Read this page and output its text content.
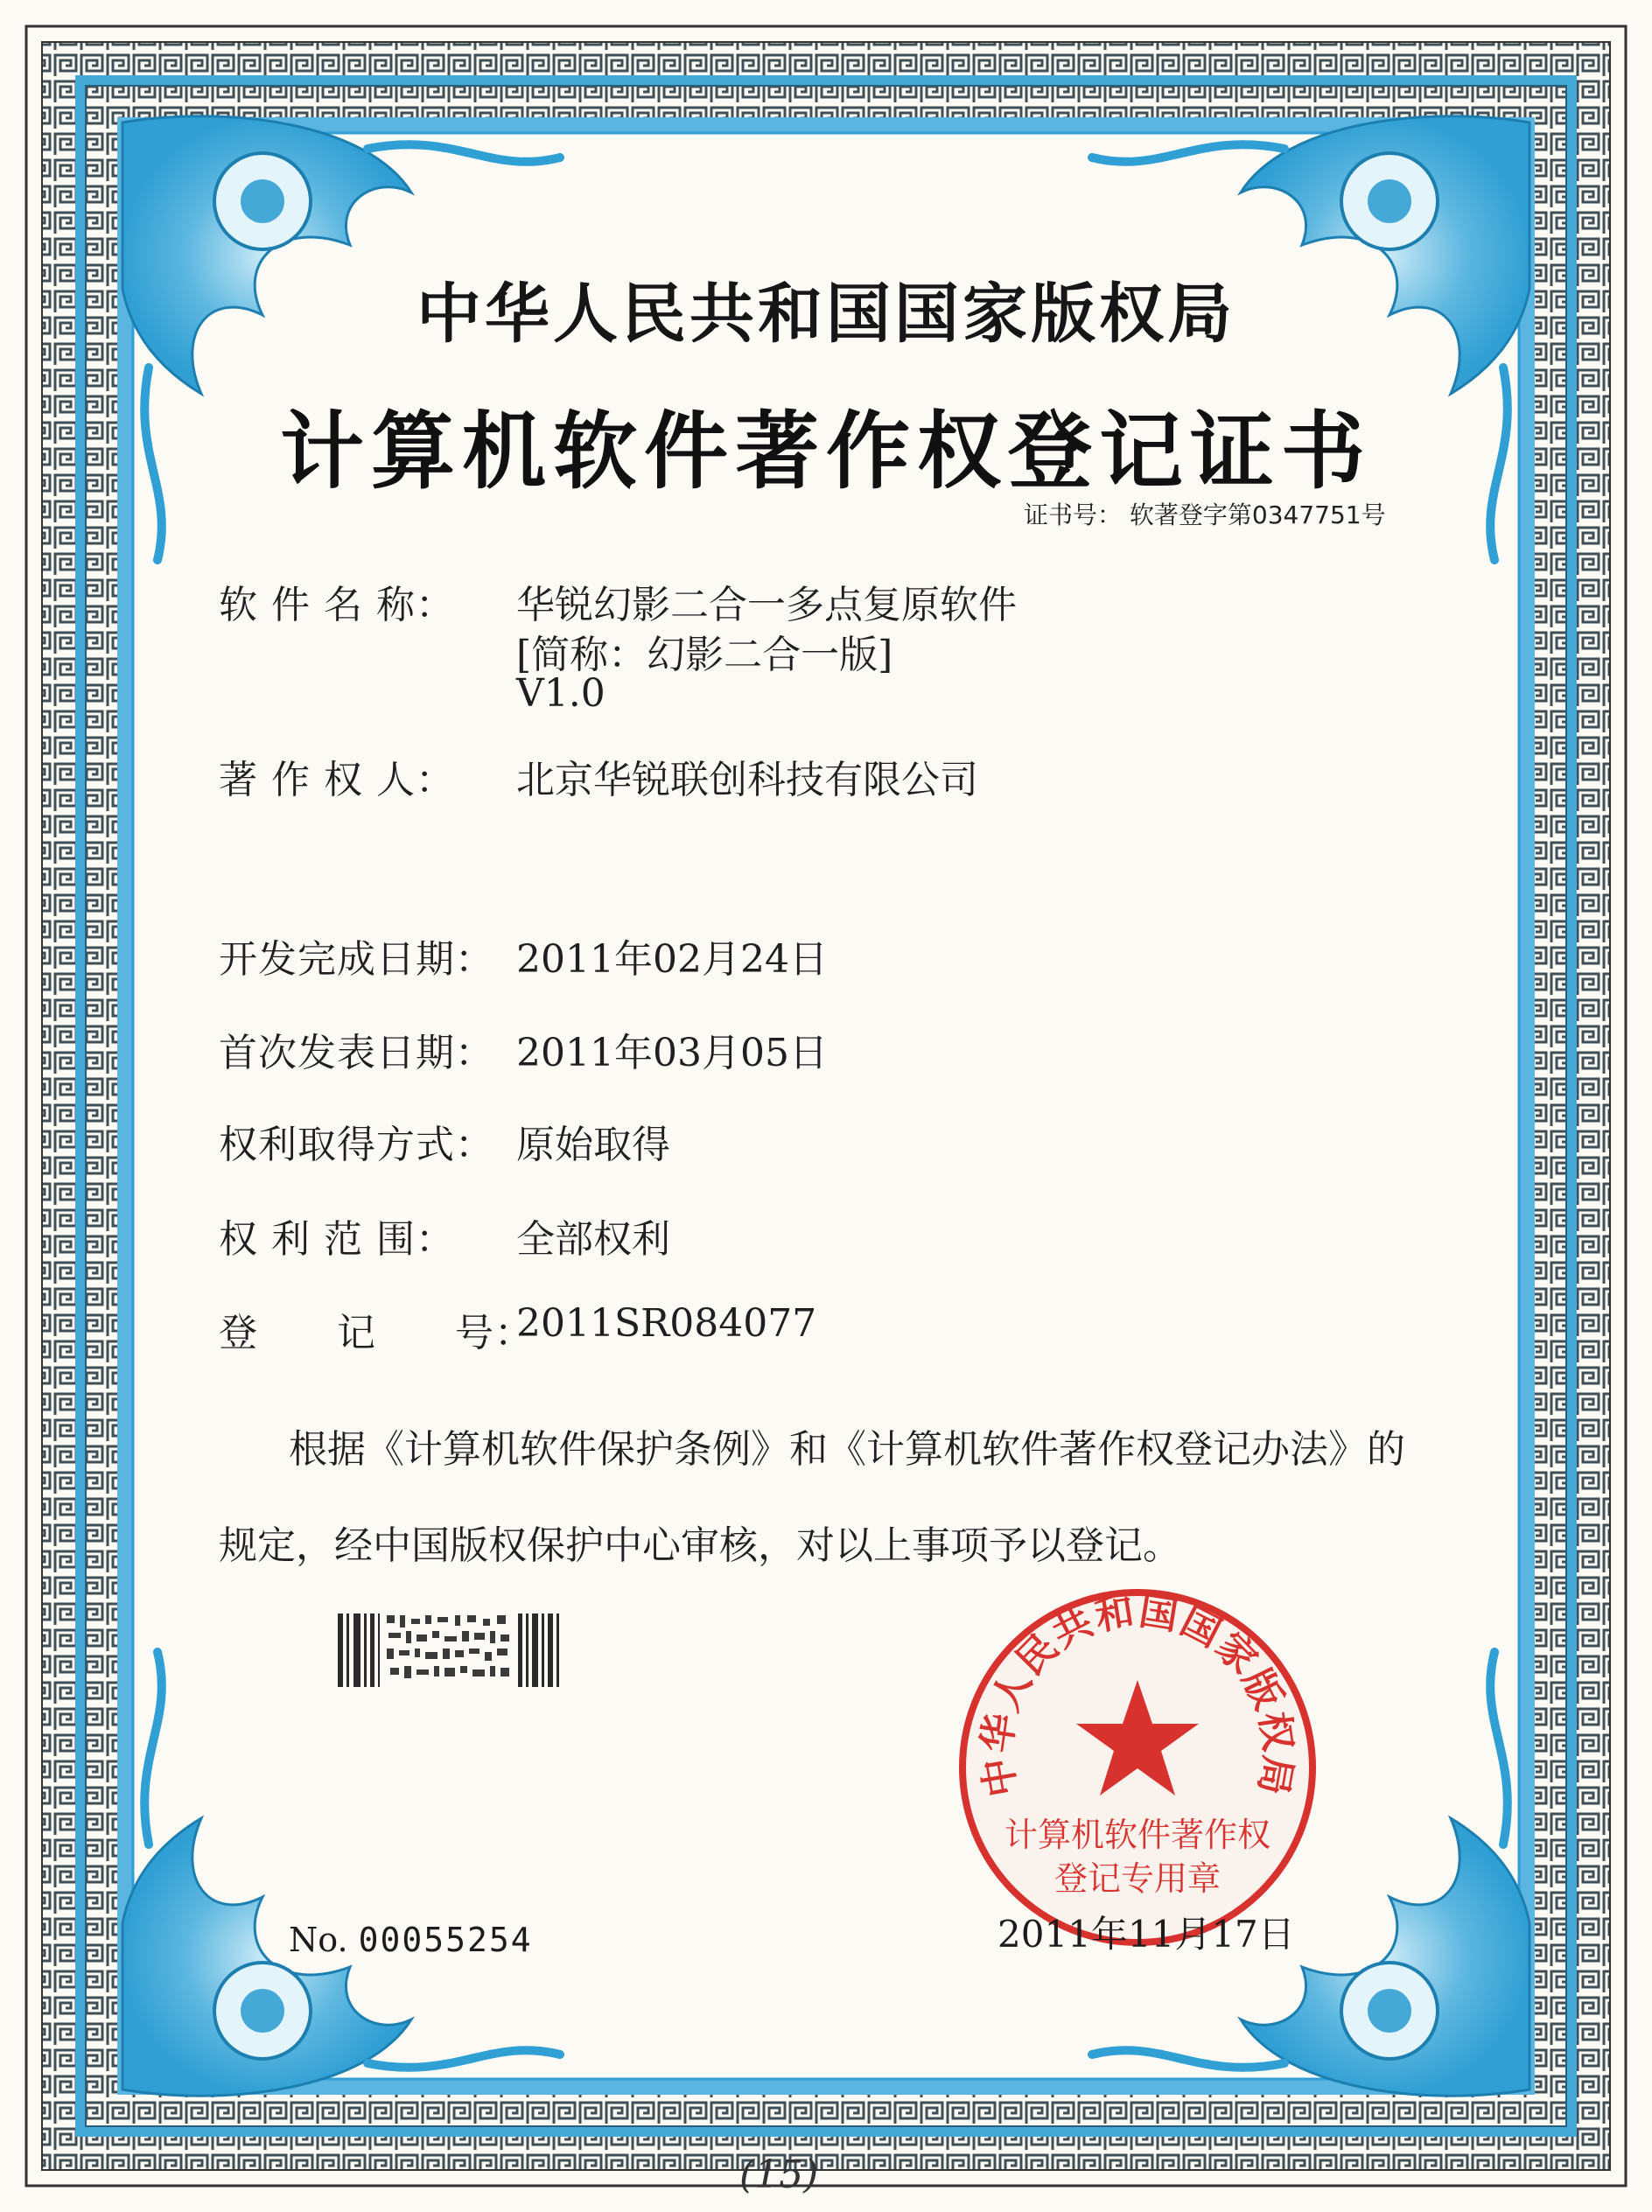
中华人民共和国国家版权局
计算机软件著作权登记证书
证书号： 软著登字第0347751号
软 件 名 称： 华锐幻影二合一多点复原软件
[简称：幻影二合一版]
V1.0
著 作 权 人： 北京华锐联创科技有限公司
开发完成日期： 2011年02月24日
首次发表日期： 2011年03月05日
权利取得方式： 原始取得
权 利 范 围： 全部权利
登　　记　　号：
2011SR084077
根据《计算机软件保护条例》和《计算机软件著作权登记办法》的
规定，经中国版权保护中心审核，对以上事项予以登记。
中华人民共和国国家版权局
计算机软件著作权
登记专用章
No. 00055254	2011年11月17日
(15)
